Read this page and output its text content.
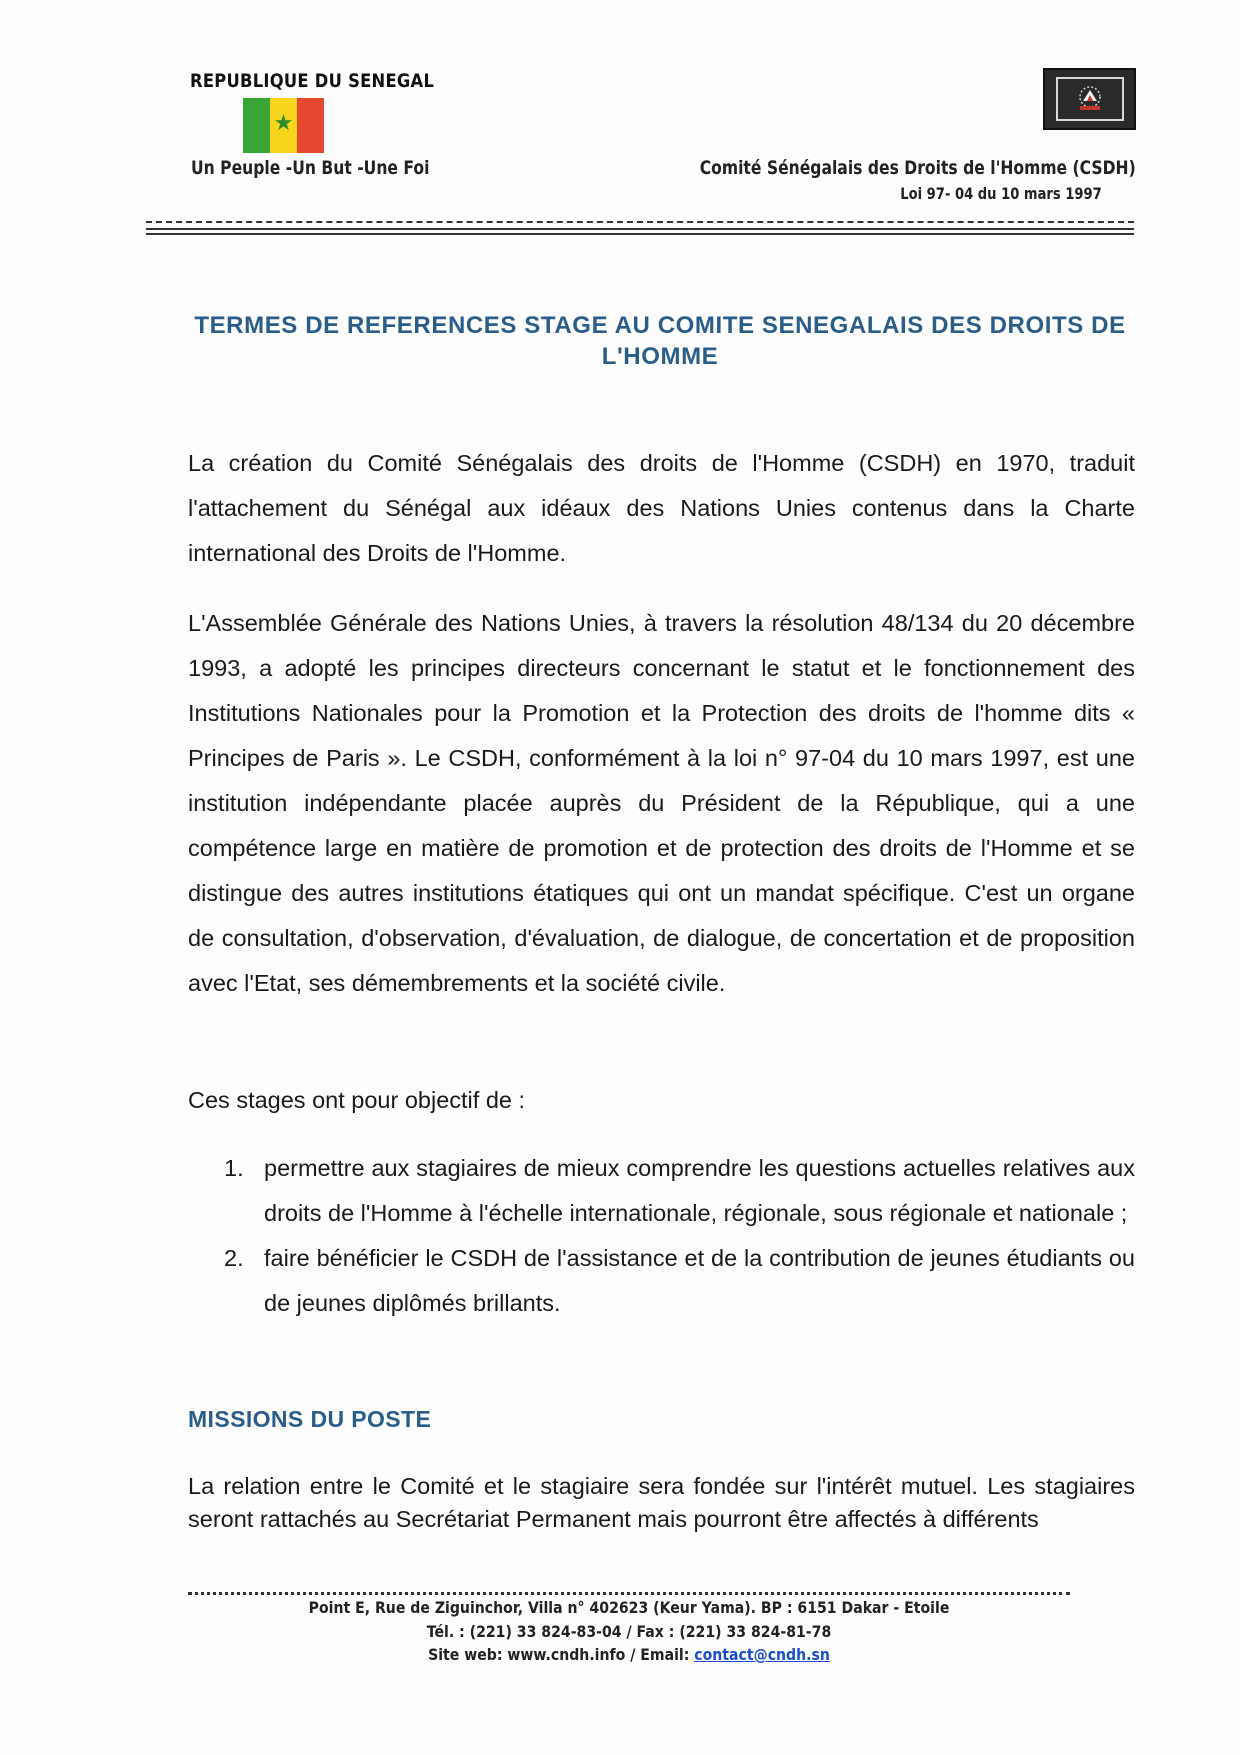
REPUBLIQUE DU SENEGAL
★
Un Peuple -Un But -Une Foi	Comité Sénégalais des Droits de l'Homme (CSDH)
Loi 97- 04 du 10 mars 1997
TERMES DE REFERENCES STAGE AU COMITE SENEGALAIS DES DROITS DE L'HOMME

La création du Comité Sénégalais des droits de l'Homme (CSDH) en 1970, traduit l'attachement du Sénégal aux idéaux des Nations Unies contenus dans la Charte international des Droits de l'Homme.

L'Assemblée Générale des Nations Unies, à travers la résolution 48/134 du 20 décembre 1993, a adopté les principes directeurs concernant le statut et le fonctionnement des Institutions Nationales pour la Promotion et la Protection des droits de l'homme dits « Principes de Paris ». Le CSDH, conformément à la loi n° 97-04 du 10 mars 1997, est une institution indépendante placée auprès du Président de la République, qui a une compétence large en matière de promotion et de protection des droits de l'Homme et se distingue des autres institutions étatiques qui ont un mandat spécifique. C'est un organe de consultation, d'observation, d'évaluation, de dialogue, de concertation et de proposition avec l'Etat, ses démembrements et la société civile.

Ces stages ont pour objectif de :

1. permettre aux stagiaires de mieux comprendre les questions actuelles relatives aux droits de l'Homme à l'échelle internationale, régionale, sous régionale et nationale ;
2. faire bénéficier le CSDH de l'assistance et de la contribution de jeunes étudiants ou de jeunes diplômés brillants.
MISSIONS DU POSTE

La relation entre le Comité et le stagiaire sera fondée sur l'intérêt mutuel. Les stagiaires seront rattachés au Secrétariat Permanent mais pourront être affectés à différents

Point E, Rue de Ziguinchor, Villa n° 402623 (Keur Yama). BP : 6151 Dakar - Etoile
Tél. : (221) 33 824-83-04 / Fax : (221) 33 824-81-78
Site web: www.cndh.info / Email: contact@cndh.sn
